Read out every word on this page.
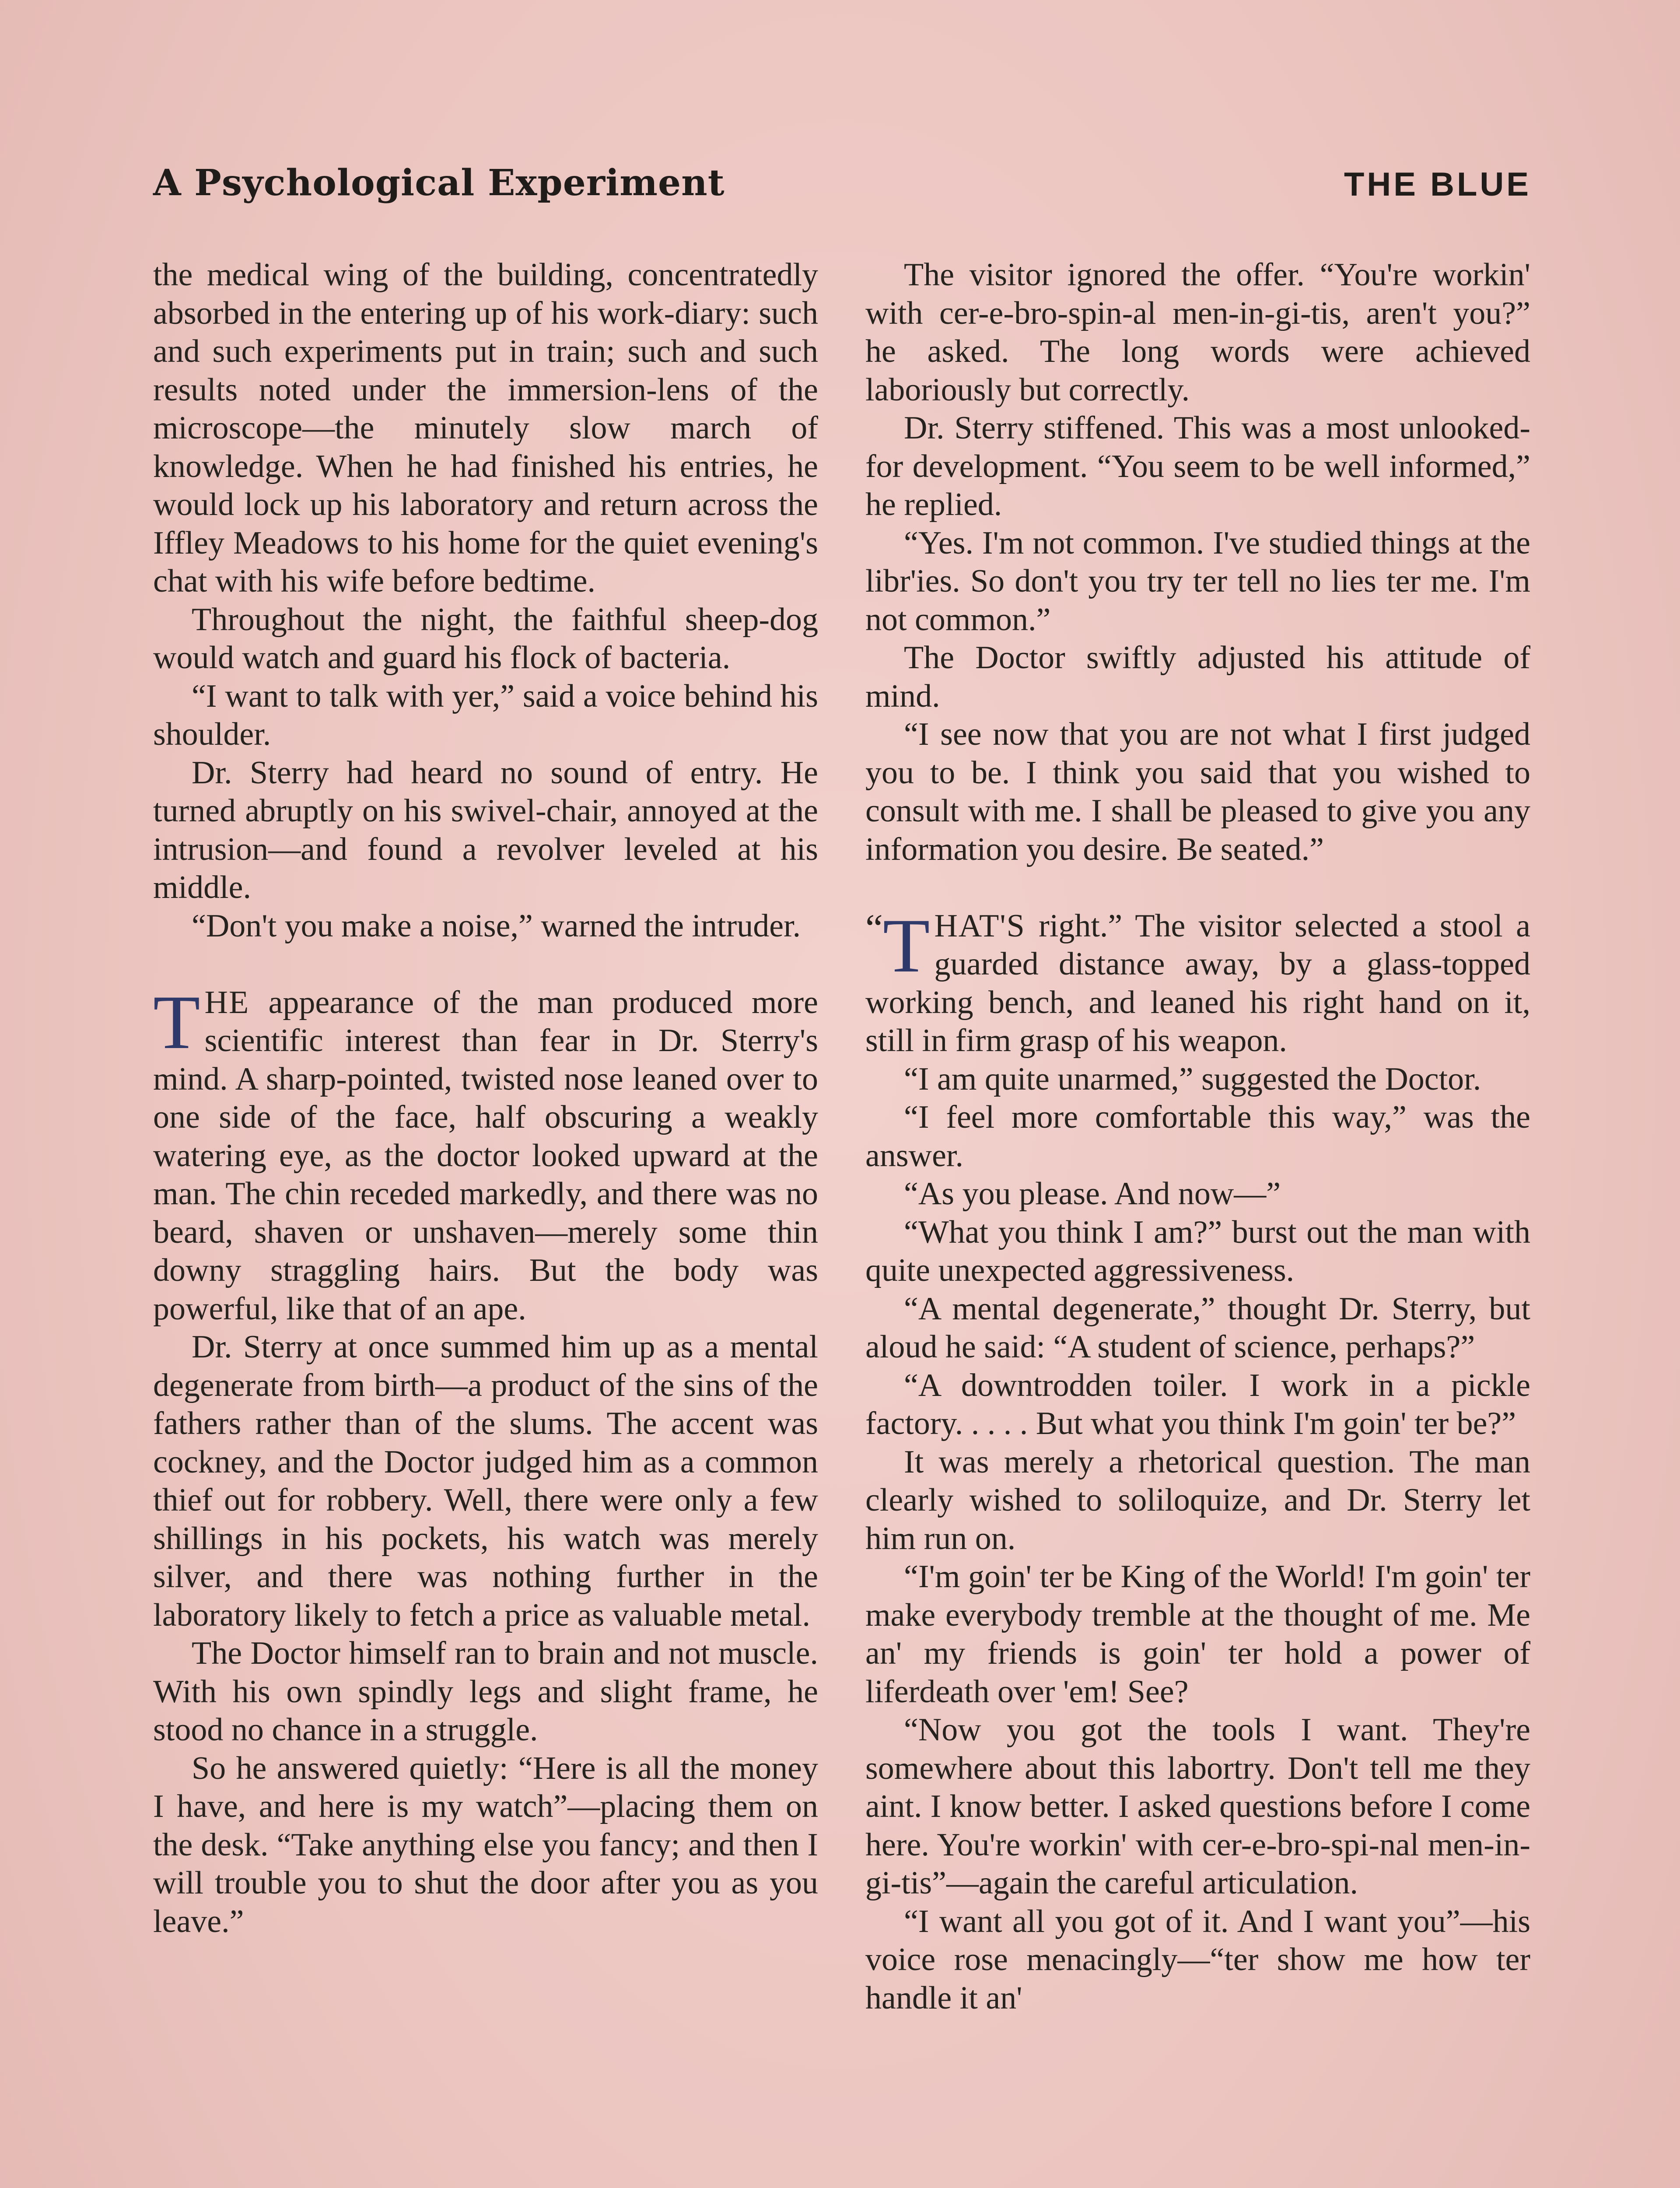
A Psychological Experiment	THE BLUE

the medical wing of the building, concentratedly absorbed in the entering up of his work-diary: such and such experiments put in train; such and such results noted under the immersion-lens of the microscope—the minutely slow march of knowledge. When he had finished his entries, he would lock up his laboratory and return across the Iffley Meadows to his home for the quiet evening's chat with his wife before bedtime.

Throughout the night, the faithful sheep-dog would watch and guard his flock of bacteria.

“I want to talk with yer,” said a voice behind his shoulder.

Dr. Sterry had heard no sound of entry. He turned abruptly on his swivel-chair, annoyed at the intrusion—and found a revolver leveled at his middle.

“Don't you make a noise,” warned the intruder.

THE appearance of the man produced more scientific interest than fear in Dr. Sterry's mind. A sharp-pointed, twisted nose leaned over to one side of the face, half obscuring a weakly watering eye, as the doctor looked upward at the man. The chin receded markedly, and there was no beard, shaven or unshaven—merely some thin downy straggling hairs. But the body was powerful, like that of an ape.

Dr. Sterry at once summed him up as a mental degenerate from birth—a product of the sins of the fathers rather than of the slums. The accent was cockney, and the Doctor judged him as a common thief out for robbery. Well, there were only a few shillings in his pockets, his watch was merely silver, and there was nothing further in the laboratory likely to fetch a price as valuable metal.

The Doctor himself ran to brain and not muscle. With his own spindly legs and slight frame, he stood no chance in a struggle.

So he answered quietly: “Here is all the money I have, and here is my watch”—placing them on the desk. “Take anything else you fancy; and then I will trouble you to shut the door after you as you leave.”

The visitor ignored the offer. “You're workin' with cer-e-bro-spin-al men-in-gi-tis, aren't you?” he asked. The long words were achieved laboriously but correctly.

Dr. Sterry stiffened. This was a most unlooked-for development. “You seem to be well informed,” he replied.

“Yes. I'm not common. I've studied things at the libr'ies. So don't you try ter tell no lies ter me. I'm not common.”

The Doctor swiftly adjusted his attitude of mind.

“I see now that you are not what I first judged you to be. I think you said that you wished to consult with me. I shall be pleased to give you any information you desire. Be seated.”

“ T HAT'S right.” The visitor selected a stool a guarded distance away, by a glass-topped working bench, and leaned his right hand on it, still in firm grasp of his weapon.

“I am quite unarmed,” suggested the Doctor.

“I feel more comfortable this way,” was the answer.

“As you please. And now—”

“What you think I am?” burst out the man with quite unexpected aggressiveness.

“A mental degenerate,” thought Dr. Sterry, but aloud he said: “A student of science, perhaps?”

“A downtrodden toiler. I work in a pickle factory. . . . . But what you think I'm goin' ter be?”

It was merely a rhetorical question. The man clearly wished to soliloquize, and Dr. Sterry let him run on.

“I'm goin' ter be King of the World! I'm goin' ter make everybody tremble at the thought of me. Me an' my friends is goin' ter hold a power of liferdeath over 'em! See?

“Now you got the tools I want. They're somewhere about this labortry. Don't tell me they aint. I know better. I asked questions before I come here. You're workin' with cer-e-bro-spi-nal men-in-gi-tis”—again the careful articulation.

“I want all you got of it. And I want you”—his voice rose menacingly—“ter show me how ter handle it an'
